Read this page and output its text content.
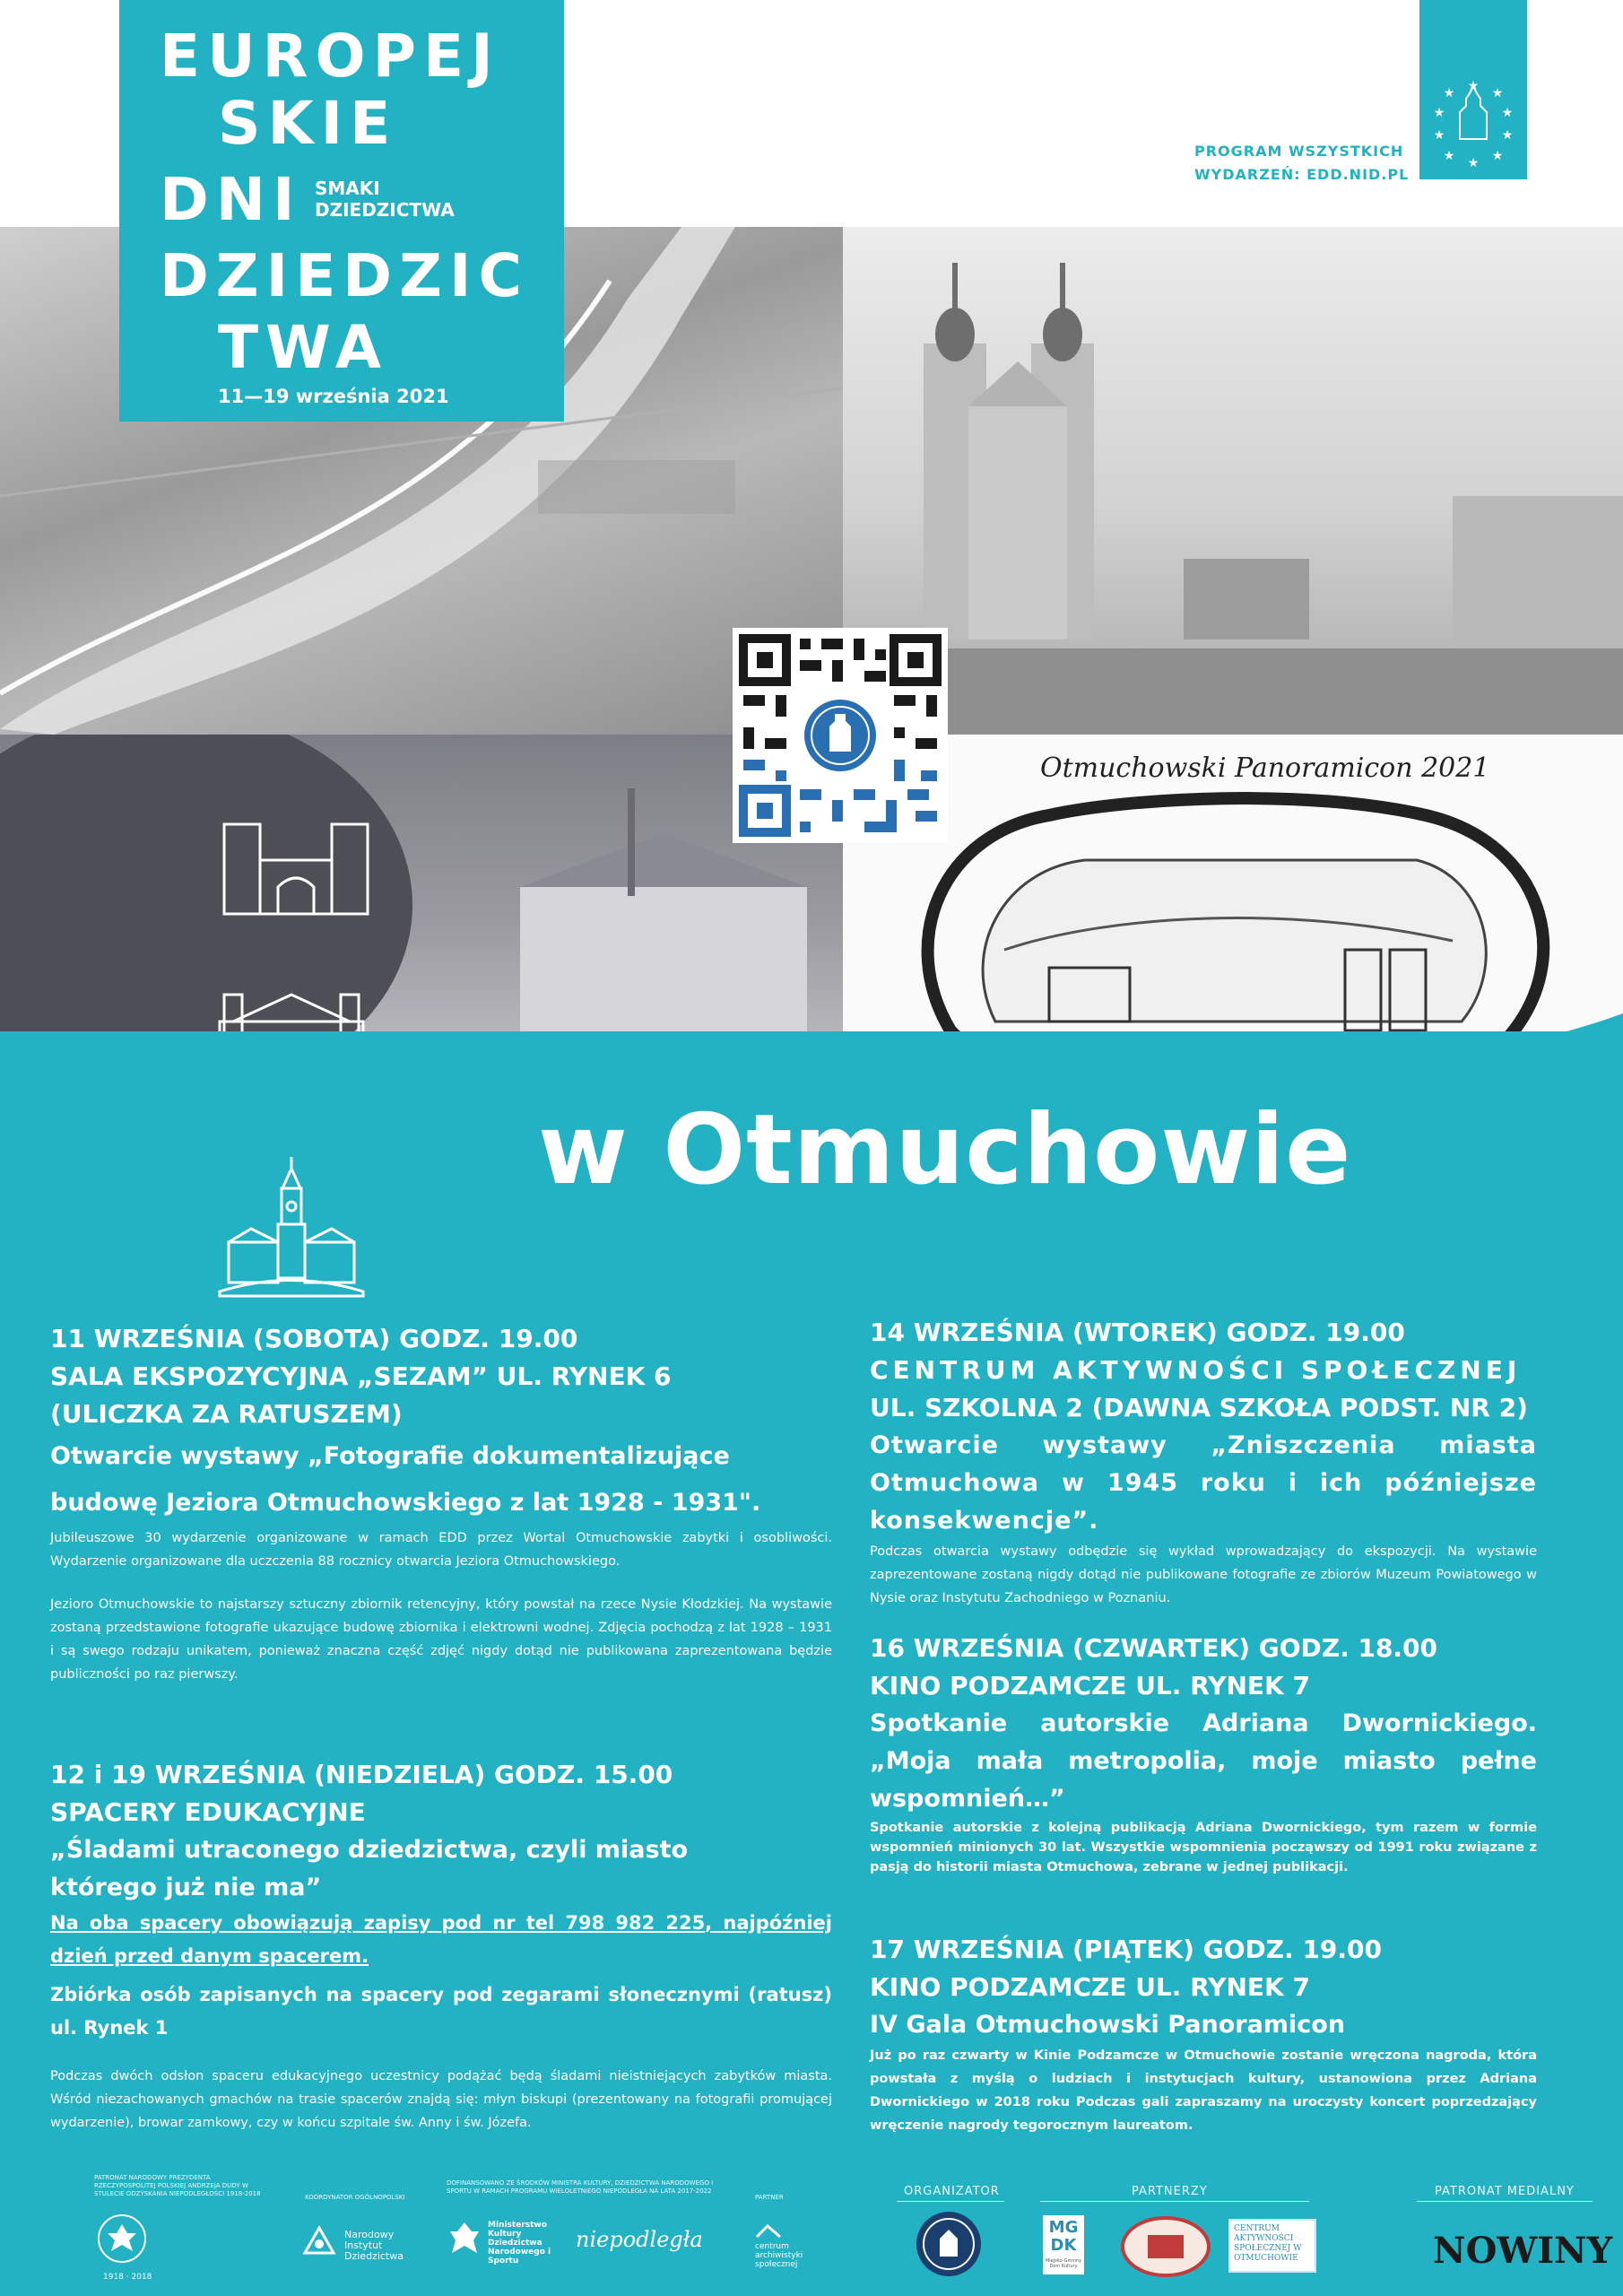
EUROPEJ
SKIE
DNI SMAKI
DZIEDZICTWA
DZIEDZIC
TWA
11—19 września 2021
★
★	★
★	★
★	★
★	★
★
PROGRAM WSZYSTKICH
WYDARZEŃ: EDD.NID.PL
Otmuchowski Panoramicon 2021
w Otmuchowie
11 WRZEŚNIA (SOBOTA) GODZ. 19.00
SALA EKSPOZYCYJNA „SEZAM” UL. RYNEK 6
(ULICZKA ZA RATUSZEM)
Otwarcie wystawy „Fotografie dokumentalizujące
budowę Jeziora Otmuchowskiego z lat 1928 - 1931".
Jubileuszowe 30 wydarzenie organizowane w ramach EDD przez Wortal Otmuchowskie zabytki i osobliwości. Wydarzenie organizowane dla uczczenia 88 rocznicy otwarcia Jeziora Otmuchowskiego.
Jezioro Otmuchowskie to najstarszy sztuczny zbiornik retencyjny, który powstał na rzece Nysie Kłodzkiej. Na wystawie zostaną przedstawione fotografie ukazujące budowę zbiornika i elektrowni wodnej. Zdjęcia pochodzą z lat 1928 – 1931 i są swego rodzaju unikatem, ponieważ znaczna część zdjęć nigdy dotąd nie publikowana zaprezentowana będzie publiczności po raz pierwszy.
12 i 19 WRZEŚNIA (NIEDZIELA) GODZ. 15.00
SPACERY EDUKACYJNE
„Śladami utraconego dziedzictwa, czyli miasto
którego już nie ma”
Na oba spacery obowiązują zapisy pod nr tel 798 982 225, najpóźniej dzień przed danym spacerem.
Zbiórka osób zapisanych na spacery pod zegarami słonecznymi (ratusz) ul. Rynek 1
Podczas dwóch odsłon spaceru edukacyjnego uczestnicy podążać będą śladami nieistniejących zabytków miasta. Wśród niezachowanych gmachów na trasie spacerów znajdą się: młyn biskupi (prezentowany na fotografii promującej wydarzenie), browar zamkowy, czy w końcu szpitale św. Anny i św. Józefa.
14 WRZEŚNIA (WTOREK) GODZ. 19.00
CENTRUM AKTYWNOŚCI SPOŁECZNEJ
UL. SZKOLNA 2 (DAWNA SZKOŁA PODST. NR 2)
Otwarcie wystawy „Zniszczenia miasta Otmuchowa w 1945 roku i ich późniejsze konsekwencje”.
Podczas otwarcia wystawy odbędzie się wykład wprowadzający do ekspozycji. Na wystawie zaprezentowane zostaną nigdy dotąd nie publikowane fotografie ze zbiorów Muzeum Powiatowego w Nysie oraz Instytutu Zachodniego w Poznaniu.
16 WRZEŚNIA (CZWARTEK) GODZ. 18.00
KINO PODZAMCZE UL. RYNEK 7
Spotkanie autorskie Adriana Dwornickiego. „Moja mała metropolia, moje miasto pełne wspomnień…”
Spotkanie autorskie z kolejną publikacją Adriana Dwornickiego, tym razem w formie wspomnień minionych 30 lat. Wszystkie wspomnienia począwszy od 1991 roku związane z pasją do historii miasta Otmuchowa, zebrane w jednej publikacji.
17 WRZEŚNIA (PIĄTEK) GODZ. 19.00
KINO PODZAMCZE UL. RYNEK 7
IV Gala Otmuchowski Panoramicon
Już po raz czwarty w Kinie Podzamcze w Otmuchowie zostanie wręczona nagroda, która powstała z myślą o ludziach i instytucjach kultury, ustanowiona przez Adriana Dwornickiego w 2018 roku Podczas gali zapraszamy na uroczysty koncert poprzedzający wręczenie nagrody tegorocznym laureatom.
PATRONAT NARODOWY PREZYDENTA RZECZYPOSPOLITEJ POLSKIEJ ANDRZEJA DUDY W STULECIE ODZYSKANIA NIEPODLEGŁOŚCI 1918-2018
1918 · 2018
KOORDYNATOR OGÓLNOPOLSKI
Narodowy Instytut Dziedzictwa
DOFINANSOWANO ZE ŚRODKÓW MINISTRA KULTURY, DZIEDZICTWA NARODOWEGO I SPORTU W RAMACH PROGRAMU WIELOLETNIEGO NIEPODLEGŁA NA LATA 2017-2022
Ministerstwo Kultury Dziedzictwa Narodowego i Sportu
niepodległa
PARTNER
centrum archiwistyki społecznej
ORGANIZATOR	PARTNERZY
MG DK
Miejsko-Gminny Dom Kultury
CENTRUM AKTYWNOŚCI SPOŁECZNEJ W OTMUCHOWIE
PATRONAT MEDIALNY
NOWINY
